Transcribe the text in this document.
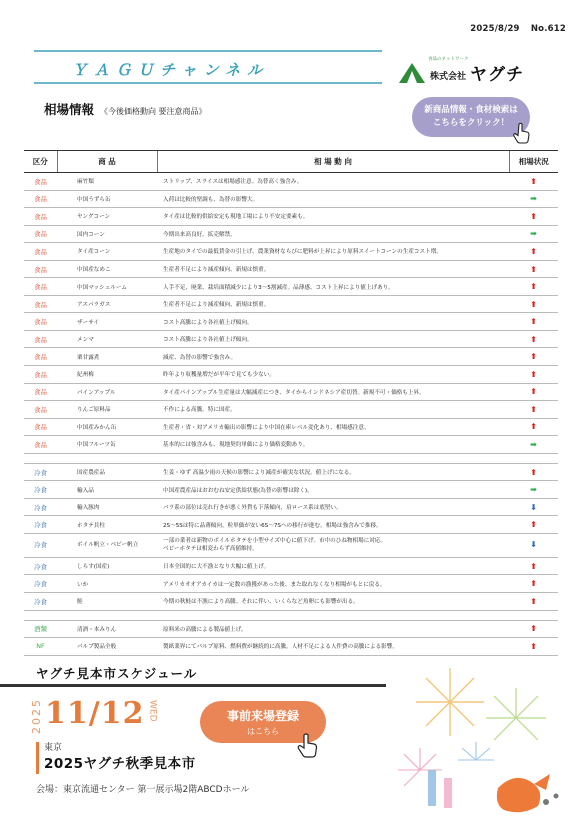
2025/8/29 No.612
ＹＡＧＵチャンネル
食品のネットワーク
株式会社 ヤグチ
相場情報 《今後価格動向 要注意商品》	新商品情報・食材検索は
こちらをクリック！
区分	商 品	相 場 動 向	相場状況
食品	麻竹類	ストリップ、スライスは相場感注意。為替高く強含み。	⬆
食品	中国うずら缶	入荷は比較的堅調も、為替の影響大。	➡
食品	ヤングコーン	タイ産は比較的供給安定も現地工場により不安定要素も。	⬆
食品	国内コーン	今期出来高良好、拡売解禁。	➡
食品	タイ産コーン	生産地のタイでの最低賃金の引上げ、農業資材ならびに肥料が上昇により原料スイートコーンの生産コスト増。	⬆
食品	中国産なめこ	生産者不足により減産傾向、新規は慎重。	⬆
食品	中国マッシュルーム	人手不足、廃業、栽培面積減少により3〜5割減産。品薄感、コスト上昇により値上げあり。	⬆
食品	アスパラガス	生産者不足により減産傾向、新規は慎重。	⬆
食品	ザーサイ	コスト高騰により各社値上げ傾向。	⬆
食品	メンマ	コスト高騰により各社値上げ傾向。	⬆
食品	栗甘露煮	減産、為替の影響で強含み。	⬆
食品	紀州梅	昨年より収穫量増だが平年で見ても少ない。	⬆
食品	パインアップル	タイ産パインアップル生産量は大幅減産につき、タイからインドネシア産切替。新規不可・価格も上昇。	⬆
食品	りんご原料品	不作による高騰。特に国産。	⬆
食品	中国産みかん缶	生産者・省・対アメリカ輸出の影響により中国在庫レベル変化あり、相場感注意。	⬆
食品	中国フルーツ缶	基本的には強含みも、現地契約単価により価格変動あり。	➡

冷食	国産農産品	生姜・ゆず 高温少雨の天候の影響により減産が確実な状況。値上げになる。	⬆
冷食	輸入品	中国産農産品はおおむね安定供給状態(為替の影響は除く)。	➡
冷食	輸入豚肉	バラ系の部位は売れ行きが悪く外貨も下落傾向、肩ロース系は底堅い。	⬇
冷食	ホタテ貝柱	2S〜5Sは特に品薄傾向。粒単価が安い6S〜7Sへの移行が進む。相場は強含みで推移。	⬆
冷食	ボイル帆立・ベビー帆立	一部の業者は新物のボイルホタテを小型サイズ中心に値下げ。市中のひね物相場に対応。
ベビーホタテは相変わらず高値維持。	⬇
冷食	しらす(国産)	日本全国的に大不漁となり大幅に値上げ。	⬆
冷食	いか	アメリカオオアカイカは一定数の漁獲があった後、また取れなくなり相場がもとに戻る。	⬆
冷食	鮭	今期の秋鮭は不漁により高騰。それに伴い、いくらなど魚卵にも影響が出る。	⬆

酒類	清酒・本みりん	原料米の高騰による製品値上げ。	⬆
NF	パルプ製品全般	製紙業界にてパルプ原料、燃料費が継続的に高騰。人材不足による人件費の高騰による影響。	⬆
ヤグチ見本市スケジュール
2025 11/12 WED	事前来場登録
はこちら
東京
2025ヤグチ秋季見本市
会場：東京流通センター 第一展示場2階ABCDホール
